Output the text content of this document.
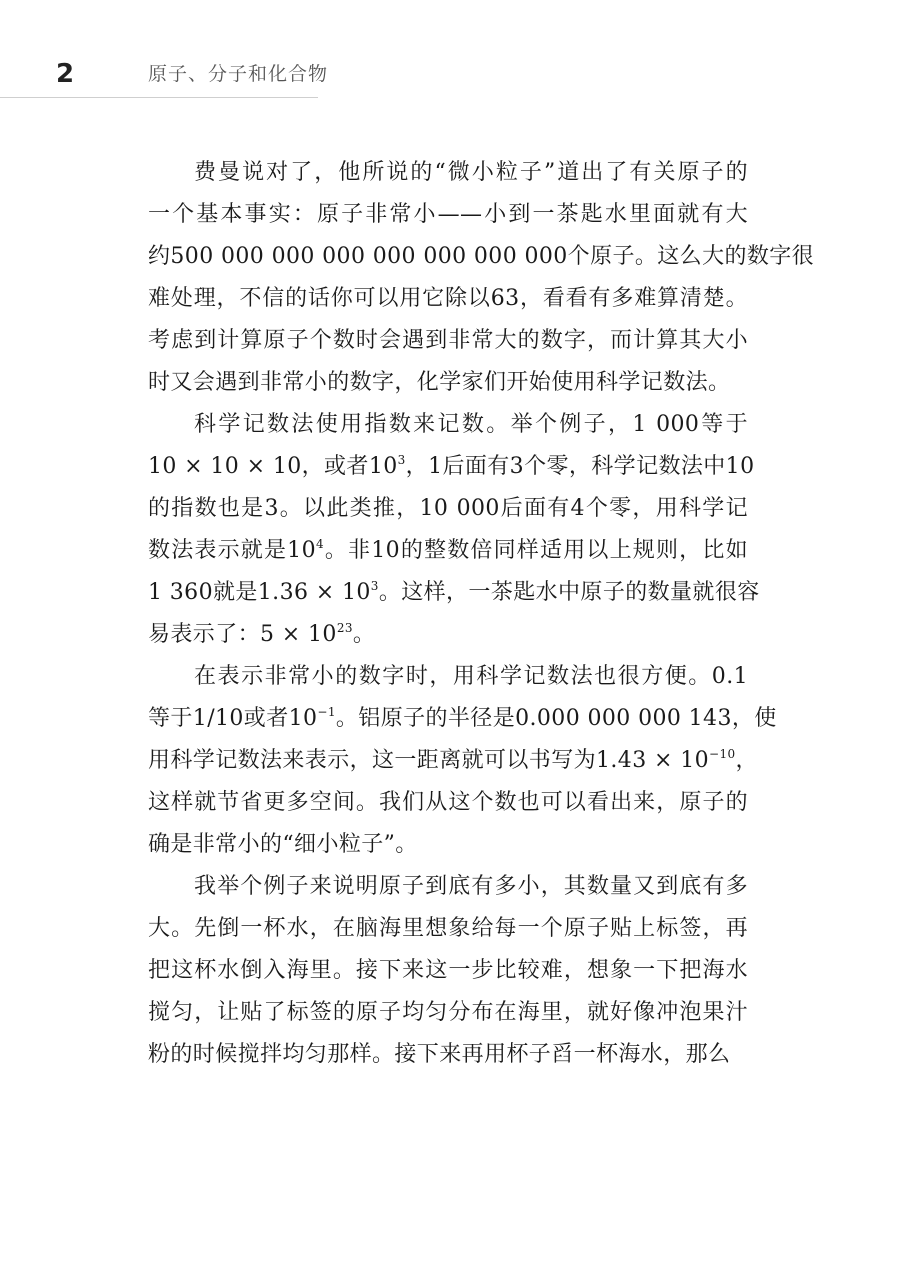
2	原子、分子和化合物
费曼说对了，他所说的“微小粒子”道出了有关原子的
一个基本事实：原子非常小——小到一茶匙水里面就有大
约500 000 000 000 000 000 000 000个原子。这么大的数字很
难处理，不信的话你可以用它除以63，看看有多难算清楚。
考虑到计算原子个数时会遇到非常大的数字，而计算其大小
时又会遇到非常小的数字，化学家们开始使用科学记数法。
科学记数法使用指数来记数。举个例子，1 000等于
10 × 10 × 10，或者$10^3$，1后面有3个零，科学记数法中10
的指数也是3。以此类推，10 000后面有4个零，用科学记
数法表示就是$10^4$。非10的整数倍同样适用以上规则，比如
1 360就是$1.36 \times 10^3$。这样，一茶匙水中原子的数量就很容
易表示了：$5 \times 10^{23}$。
在表示非常小的数字时，用科学记数法也很方便。0.1
等于1/10或者$10^{-1}$。铝原子的半径是0.000 000 000 143，使
用科学记数法来表示，这一距离就可以书写为$1.43 \times 10^{-10}$，
这样就节省更多空间。我们从这个数也可以看出来，原子的
确是非常小的“细小粒子”。
我举个例子来说明原子到底有多小，其数量又到底有多
大。先倒一杯水，在脑海里想象给每一个原子贴上标签，再
把这杯水倒入海里。接下来这一步比较难，想象一下把海水
搅匀，让贴了标签的原子均匀分布在海里，就好像冲泡果汁
粉的时候搅拌均匀那样。接下来再用杯子舀一杯海水，那么
